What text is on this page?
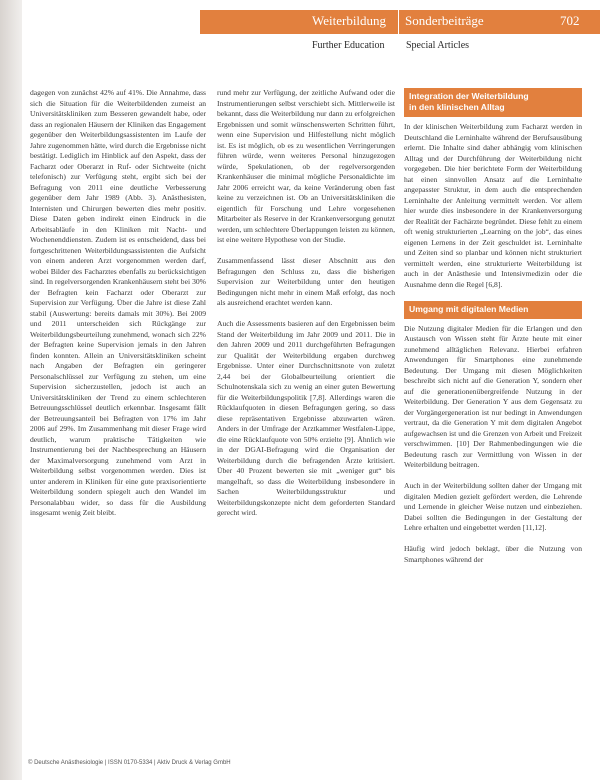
Weiterbildung Sonderbeiträge	702
Further Education Special Articles

dagegen von zunächst 42% auf 41%. Die Annahme, dass sich die Situation für die Weiterbildenden zumeist an Universitätskliniken zum Besseren gewandelt habe, oder dass an regionalen Häusern der Kliniken das Engagement gegenüber den Weiterbildungsassistenten im Laufe der Jahre zugenommen hätte, wird durch die Ergebnisse nicht bestätigt. Lediglich im Hinblick auf den Aspekt, dass der Facharzt oder Oberarzt in Ruf- oder Sichtweite (nicht telefonisch) zur Verfügung steht, ergibt sich bei der Befragung von 2011 eine deutliche Verbesserung gegenüber dem Jahr 1989 (Abb. 3). Anästhesisten, Internisten und Chirurgen bewerten dies mehr positiv. Diese Daten geben indirekt einen Eindruck in die Arbeitsabläufe in den Kliniken mit Nacht- und Wochenenddiensten. Zudem ist es entscheidend, dass bei fortgeschrittenen Weiterbildungsassistenten die Aufsicht von einem anderen Arzt vorgenommen werden darf, wobei Bilder des Facharztes ebenfalls zu berücksichtigen sind. In regelversorgenden Krankenhäusern steht bei 30% der Befragten kein Facharzt oder Oberarzt zur Supervision zur Verfügung. Über die Jahre ist diese Zahl stabil (Auswertung: bereits damals mit 30%). Bei 2009 und 2011 unterscheiden sich Rückgänge zur Weiterbildungsbeurteilung zunehmend, wonach sich 22% der Befragten keine Supervision jemals in den Jahren finden konnten. Allein an Universitätskliniken scheint nach Angaben der Befragten ein geringerer Personalschlüssel zur Verfügung zu stehen, um eine Supervision sicherzustellen, jedoch ist auch an Universitätskliniken der Trend zu einem schlechteren Betreuungsschlüssel deutlich erkennbar. Insgesamt fällt der Betreuungsanteil bei Befragten von 17% im Jahr 2006 auf 29%. Im Zusammenhang mit dieser Frage wird deutlich, warum praktische Tätigkeiten wie Instrumentierung bei der Nachbesprechung an Häusern der Maximalversorgung zunehmend vom Arzt in Weiterbildung selbst vorgenommen werden. Dies ist unter anderem in Kliniken für eine gute praxisorientierte Weiterbildung sondern spiegelt auch den Wandel im Personalabbau wider, so dass für die Ausbildung insgesamt wenig Zeit bleibt.

rund mehr zur Verfügung, der zeitliche Aufwand oder die Instrumentierungen selbst verschiebt sich. Mittlerweile ist bekannt, dass die Weiterbildung nur dann zu erfolgreichen Ergebnissen und somit wünschenswerten Schritten führt, wenn eine Supervision und Hilfestellung nicht möglich ist. Es ist möglich, ob es zu wesentlichen Verringerungen führen würde, wenn weiteres Personal hinzugezogen würde, Spekulationen, ob der regelversorgenden Krankenhäuser die minimal mögliche Personaldichte im Jahr 2006 erreicht war, da keine Veränderung oben fast keine zu verzeichnen ist. Ob an Universitätskliniken die eigentlich für Forschung und Lehre vorgesehenen Mitarbeiter als Reserve in der Krankenversorgung genutzt werden, um schlechtere Überlappungen leisten zu können, ist eine weitere Hypothese von der Studie.

Zusammenfassend lässt dieser Abschnitt aus den Befragungen den Schluss zu, dass die bisherigen Supervision zur Weiterbildung unter den heutigen Bedingungen nicht mehr in einem Maß erfolgt, das noch als ausreichend erachtet werden kann.

Auch die Assessments basieren auf den Ergebnissen beim Stand der Weiterbildung im Jahr 2009 und 2011. Die in den Jahren 2009 und 2011 durchgeführten Befragungen zur Qualität der Weiterbildung ergaben durchweg Ergebnisse. Unter einer Durchschnittsnote von zuletzt 2,44 bei der Globalbeurteilung orientiert die Schulnotenskala sich zu wenig an einer guten Bewertung für die Weiterbildungspolitik [7,8]. Allerdings waren die Rücklaufquoten in diesen Befragungen gering, so dass diese repräsentativen Ergebnisse abzuwarten wären. Anders in der Umfrage der Arztkammer Westfalen-Lippe, die eine Rücklaufquote von 50% erzielte [9]. Ähnlich wie in der DGAI-Befragung wird die Organisation der Weiterbildung durch die befragenden Ärzte kritisiert. Über 40 Prozent bewerten sie mit „weniger gut“ bis mangelhaft, so dass die Weiterbildung insbesondere in Sachen Weiterbildungsstruktur und Weiterbildungskonzepte nicht dem geforderten Standard gerecht wird.

Integration der Weiterbildung
in den klinischen Alltag

In der klinischen Weiterbildung zum Facharzt werden in Deutschland die Lerninhalte während der Berufsausübung erlernt. Die Inhalte sind daher abhängig vom klinischen Alltag und der Durchführung der Weiterbildung nicht vorgegeben. Die hier berichtete Form der Weiterbildung hat einen sinnvollen Ansatz auf die Lerninhalte angepasster Struktur, in dem auch die entsprechenden Lerninhalte der Anleitung vermittelt werden. Vor allem hier wurde dies insbesondere in der Krankenversorgung der Realität der Fachärzte begründet. Diese fehlt zu einem oft wenig strukturierten „Learning on the job“, das eines eigenen Lernens in der Zeit geschuldet ist. Lerninhalte und Zeiten sind so planbar und können nicht strukturiert vermittelt werden, eine strukturierte Weiterbildung ist auch in der Anästhesie und Intensivmedizin oder die Ausnahme denn die Regel [6,8].

Umgang mit digitalen Medien

Die Nutzung digitaler Medien für die Erlangen und den Austausch von Wissen steht für Ärzte heute mit einer zunehmend alltäglichen Relevanz. Hierbei erfahren Anwendungen für Smartphones eine zunehmende Bedeutung. Der Umgang mit diesen Möglichkeiten beschreibt sich nicht auf die Generation Y, sondern eher auf die generationenübergreifende Nutzung in der Weiterbildung. Der Generation Y aus dem Gegensatz zu der Vorgängergeneration ist nur bedingt in Anwendungen vertraut, da die Generation Y mit dem digitalen Angebot aufgewachsen ist und die Grenzen von Arbeit und Freizeit verschwimmen. [10] Der Rahmenbedingungen wie die Bedeutung rasch zur Vermittlung von Wissen in der Weiterbildung beitragen.

Auch in der Weiterbildung sollten daher der Umgang mit digitalen Medien gezielt gefördert werden, die Lehrende und Lernende in gleicher Weise nutzen und einbeziehen. Dabei sollten die Bedingungen in der Gestaltung der Lehre erhalten und eingebettet werden [11,12].

Häufig wird jedoch beklagt, über die Nutzung von Smartphones während der

© Deutsche Anästhesiologie | ISSN 0170-5334 | Aktiv Druck & Verlag GmbH
